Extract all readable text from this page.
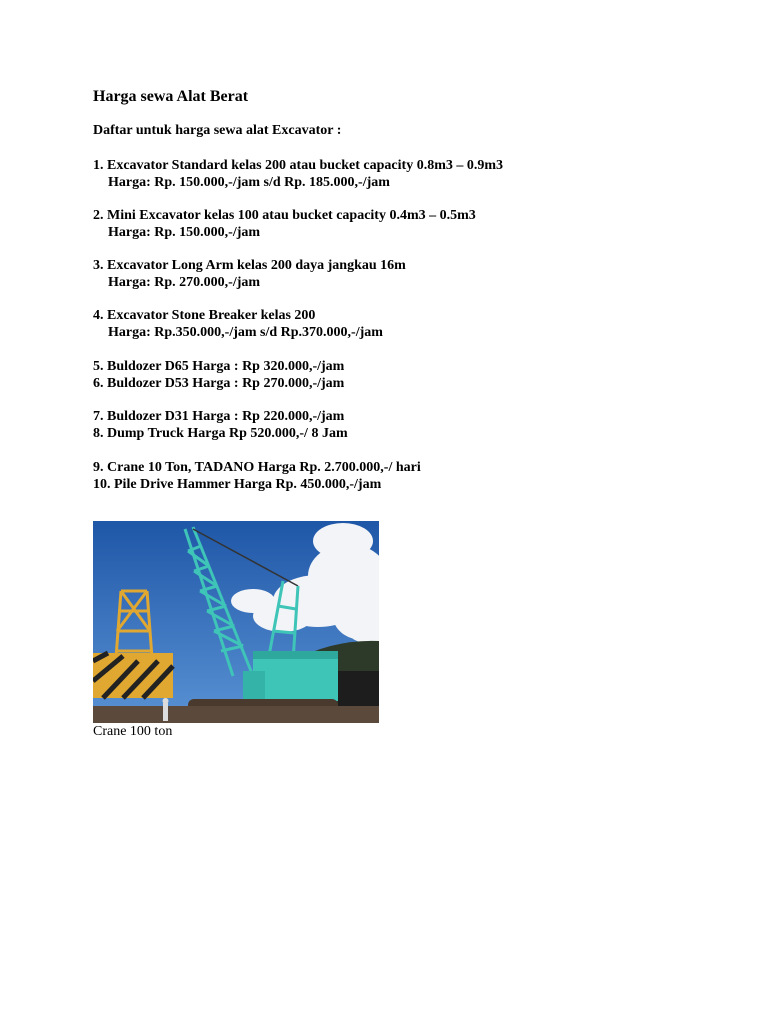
Harga sewa Alat Berat
Daftar untuk harga sewa alat Excavator :
1. Excavator Standard kelas 200 atau bucket capacity 0.8m3 – 0.9m3
Harga: Rp. 150.000,-/jam s/d Rp. 185.000,-/jam
2. Mini Excavator kelas 100 atau bucket capacity 0.4m3 – 0.5m3
Harga: Rp. 150.000,-/jam
3. Excavator Long Arm kelas 200 daya jangkau 16m
Harga: Rp. 270.000,-/jam
4. Excavator Stone Breaker kelas 200
Harga: Rp.350.000,-/jam s/d Rp.370.000,-/jam
5. Buldozer D65 Harga : Rp 320.000,-/jam
6. Buldozer D53 Harga : Rp 270.000,-/jam
7. Buldozer D31 Harga : Rp 220.000,-/jam
8. Dump Truck Harga Rp 520.000,-/ 8 Jam
9. Crane 10 Ton, TADANO Harga Rp. 2.700.000,-/ hari
10. Pile Drive Hammer Harga Rp. 450.000,-/jam
Crane 100 ton
